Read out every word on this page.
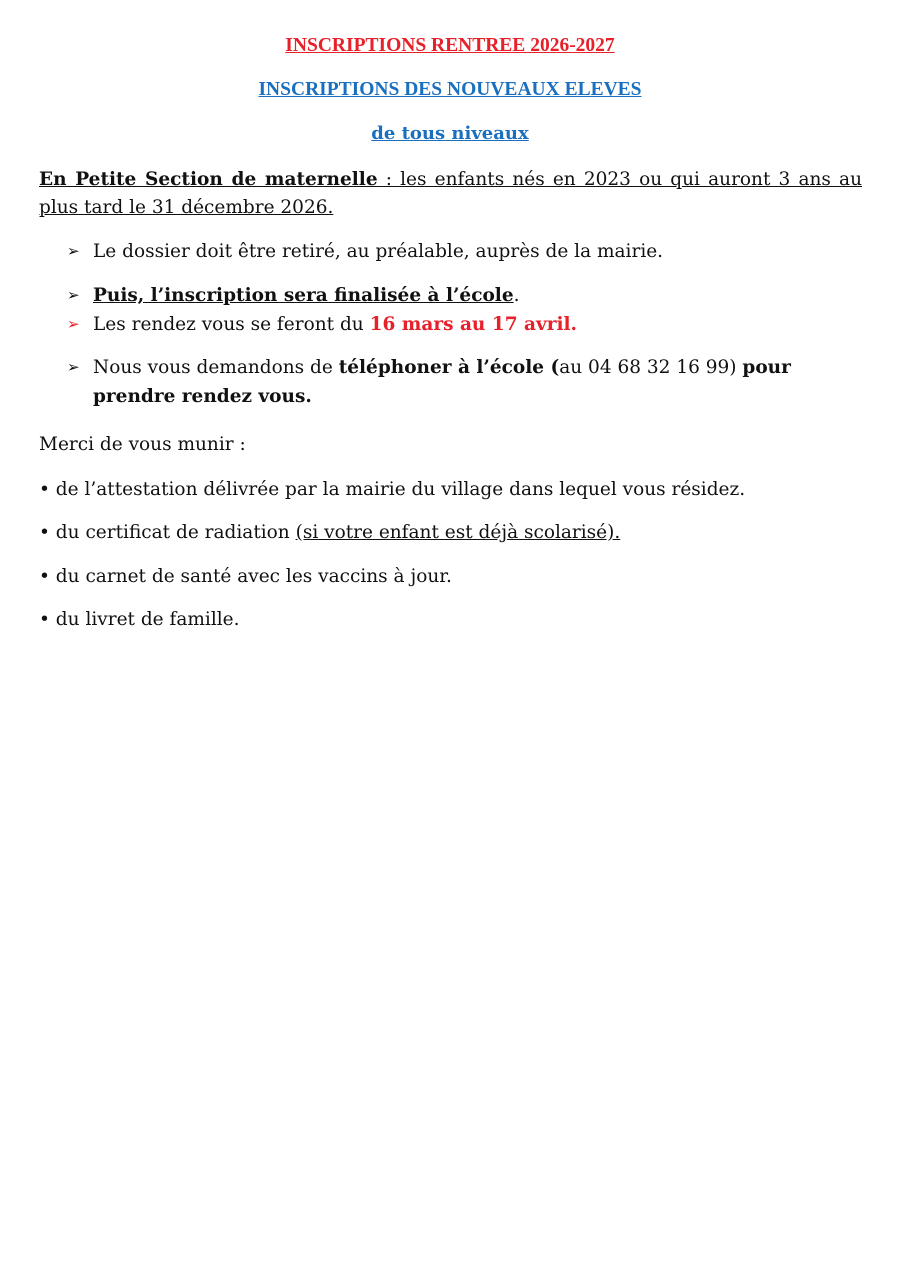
INSCRIPTIONS RENTREE 2026-2027
INSCRIPTIONS DES NOUVEAUX ELEVES
de tous niveaux

En Petite Section de maternelle : les enfants nés en 2023 ou qui auront 3 ans au plus tard le 31 décembre 2026.

➢ Le dossier doit être retiré, au préalable, auprès de la mairie.
➢ Puis, l’inscription sera finalisée à l’école.
➢ Les rendez vous se feront du 16 mars au 17 avril.
➢ Nous vous demandons de téléphoner à l’école (au 04 68 32 16 99) pour prendre rendez vous.

Merci de vous munir :

• de l’attestation délivrée par la mairie du village dans lequel vous résidez.

• du certificat de radiation (si votre enfant est déjà scolarisé).

• du carnet de santé avec les vaccins à jour.

• du livret de famille.
